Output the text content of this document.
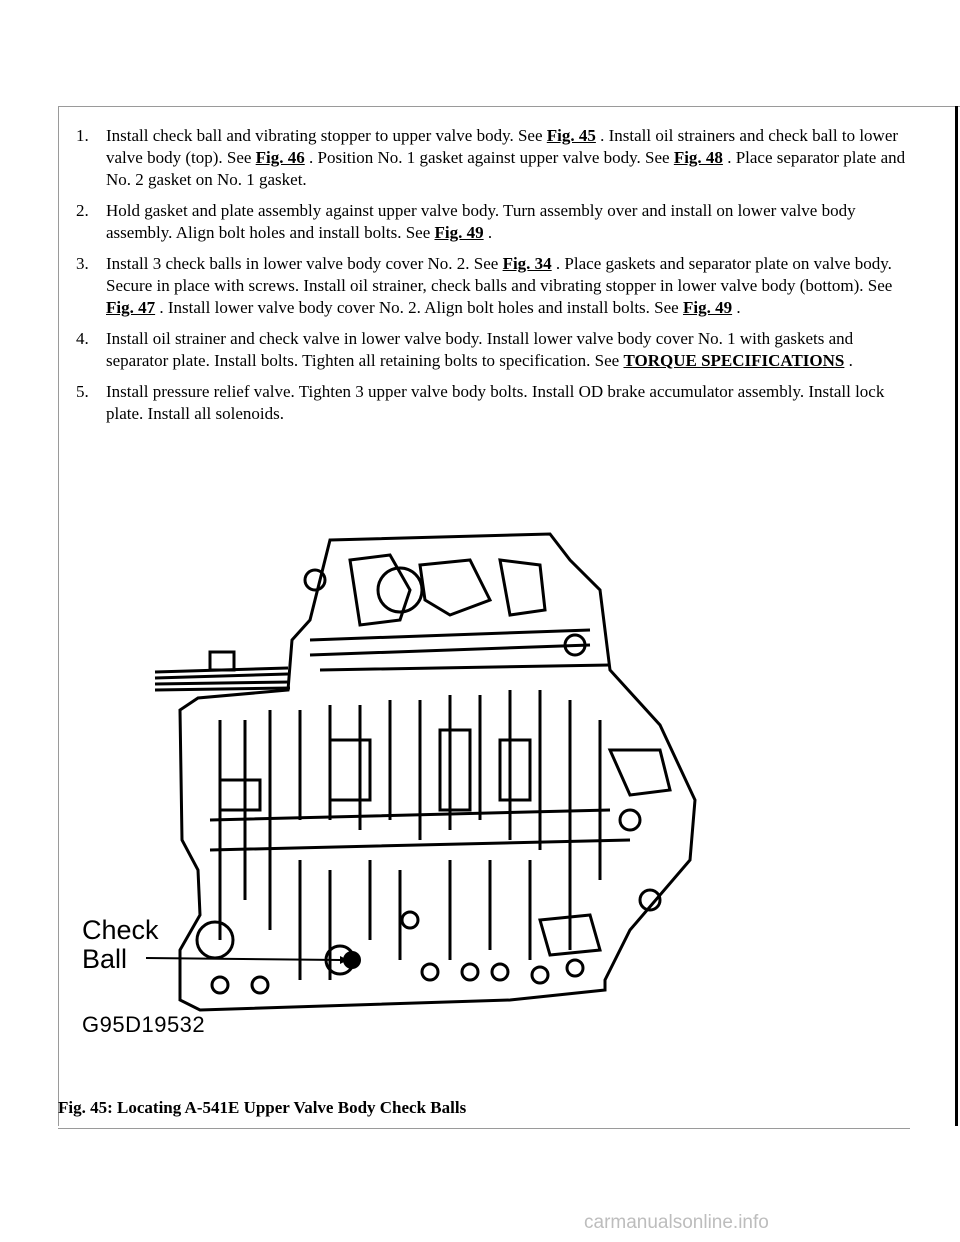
1. Install check ball and vibrating stopper to upper valve body. See Fig. 45 . Install oil strainers and check ball to lower valve body (top). See Fig. 46 . Position No. 1 gasket against upper valve body. See Fig. 48 . Place separator plate and No. 2 gasket on No. 1 gasket.
2. Hold gasket and plate assembly against upper valve body. Turn assembly over and install on lower valve body assembly. Align bolt holes and install bolts. See Fig. 49 .
3. Install 3 check balls in lower valve body cover No. 2. See Fig. 34 . Place gaskets and separator plate on valve body. Secure in place with screws. Install oil strainer, check balls and vibrating stopper in lower valve body (bottom). See Fig. 47 . Install lower valve body cover No. 2. Align bolt holes and install bolts. See Fig. 49 .
4. Install oil strainer and check valve in lower valve body. Install lower valve body cover No. 1 with gaskets and separator plate. Install bolts. Tighten all retaining bolts to specification. See TORQUE SPECIFICATIONS .
5. Install pressure relief valve. Tighten 3 upper valve body bolts. Install OD brake accumulator assembly. Install lock plate. Install all solenoids.
Check
Ball
G95D19532
Fig. 45: Locating A-541E Upper Valve Body Check Balls
carmanualsonline.info
